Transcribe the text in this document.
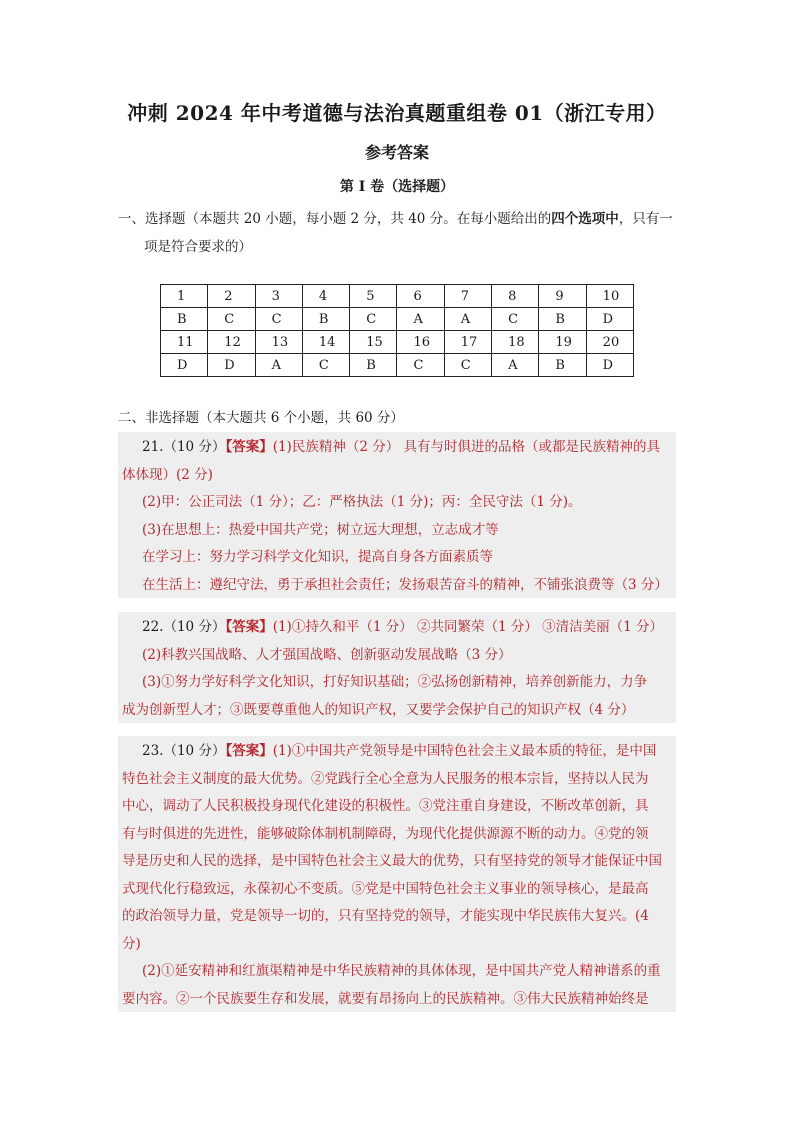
冲刺 2024 年中考道德与法治真题重组卷 01（浙江专用）
参考答案
第 I 卷（选择题）
一、选择题（本题共 20 小题，每小题 2 分，共 40 分。在每小题给出的四个选项中，只有一
项是符合要求的）
1	2	3	4	5	6	7	8	9	10
B	C	C	B	C	A	A	C	B	D
11	12	13	14	15	16	17	18	19	20
D	D	A	C	B	C	C	A	B	D
二、非选择题（本大题共 6 个小题，共 60 分）

21.（10 分）【答案】(1)民族精神（2 分） 具有与时俱进的品格（或都是民族精神的具

体体现）(2 分)

(2)甲：公正司法（1 分）；乙：严格执法（1 分)；丙：全民守法（1 分)。

(3)在思想上：热爱中国共产党；树立远大理想，立志成才等

在学习上：努力学习科学文化知识，提高自身各方面素质等

在生活上：遵纪守法，勇于承担社会责任；发扬艰苦奋斗的精神，不铺张浪费等（3 分）

22.（10 分）【答案】(1)①持久和平（1 分） ②共同繁荣（1 分） ③清洁美丽（1 分）

(2)科教兴国战略、人才强国战略、创新驱动发展战略（3 分）

(3)①努力学好科学文化知识，打好知识基础；②弘扬创新精神，培养创新能力，力争

成为创新型人才；③既要尊重他人的知识产权，又要学会保护自己的知识产权（4 分）

23.（10 分）【答案】(1)①中国共产党领导是中国特色社会主义最本质的特征，是中国

特色社会主义制度的最大优势。②党践行全心全意为人民服务的根本宗旨，坚持以人民为

中心，调动了人民积极投身现代化建设的积极性。③党注重自身建设，不断改革创新，具

有与时俱进的先进性，能够破除体制机制障碍，为现代化提供源源不断的动力。④党的领

导是历史和人民的选择，是中国特色社会主义最大的优势，只有坚持党的领导才能保证中国

式现代化行稳致远，永葆初心不变质。⑤党是中国特色社会主义事业的领导核心，是最高

的政治领导力量，党是领导一切的，只有坚持党的领导，才能实现中华民族伟大复兴。(4

分)

(2)①延安精神和红旗渠精神是中华民族精神的具体体现，是中国共产党人精神谱系的重

要内容。②一个民族要生存和发展，就要有昂扬向上的民族精神。③伟大民族精神始终是
